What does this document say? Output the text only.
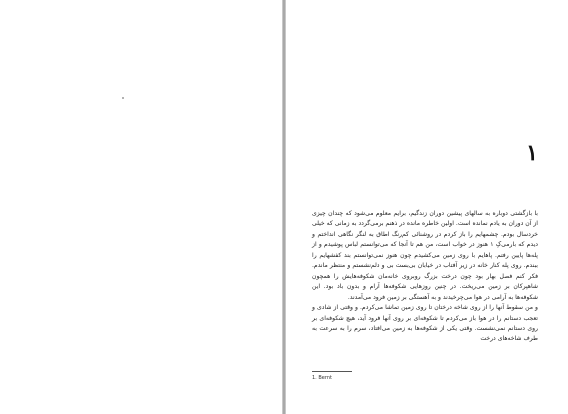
۱

با بازگشتی دوباره به سالهای پیشین دوران زندگیم، برایم معلوم می‌شود که چندان چیزی از آن دوران به یادم نمانده است. اولین خاطره مانده در ذهنم برمی‌گردد به زمانی که خیلی خردسال بودم. چشمهایم را باز کردم در روشنائی کم‌رنگ اطاق به لنگر نگاهی انداختم و دیدم که بارمی‌‌‌‌کِ ۱ هنوز در خواب است، من هم تا آنجا که می‌توانستم لباس پوشیدم و از پله‌ها پایین رفتم. پاهایم با روی زمین می‌کشیدم چون هنوز نمی‌توانستم بند کفشهایم را ببندم. روی پله کنار خانه در زیر آفتاب در خیابان بی‌بست بی و دلم‌نشستم و منتظر ماندم. فکر کنم فصل بهار بود چون درخت بزرگ روبروی خانه‌مان شکوفه‌هایش را همچون شاهپرکان بر زمین می‌ریخت. در چنین روزهایی شکوفه‌ها آرام و بدون باد بود. این شکوفه‌ها به آرامی در هوا می‌چرخیدند و به آهستگی بر زمین فرود می‌آمدند.

و من سقوط آنها را از روی شاخه درختان تا روی زمین تماشا می‌کردم. و وقتی از شادی و تعجب دستانم را در هوا باز می‌کردم تا شکوفه‌ای بر روی آنها فرود آید، هیچ شکوفه‌ای بر روی دستانم نمی‌نشست. وقتی یکی از شکوفه‌ها به زمین می‌افتاد، سرم را به سرعت به طرف شاخه‌های درخت

1. Bernt
